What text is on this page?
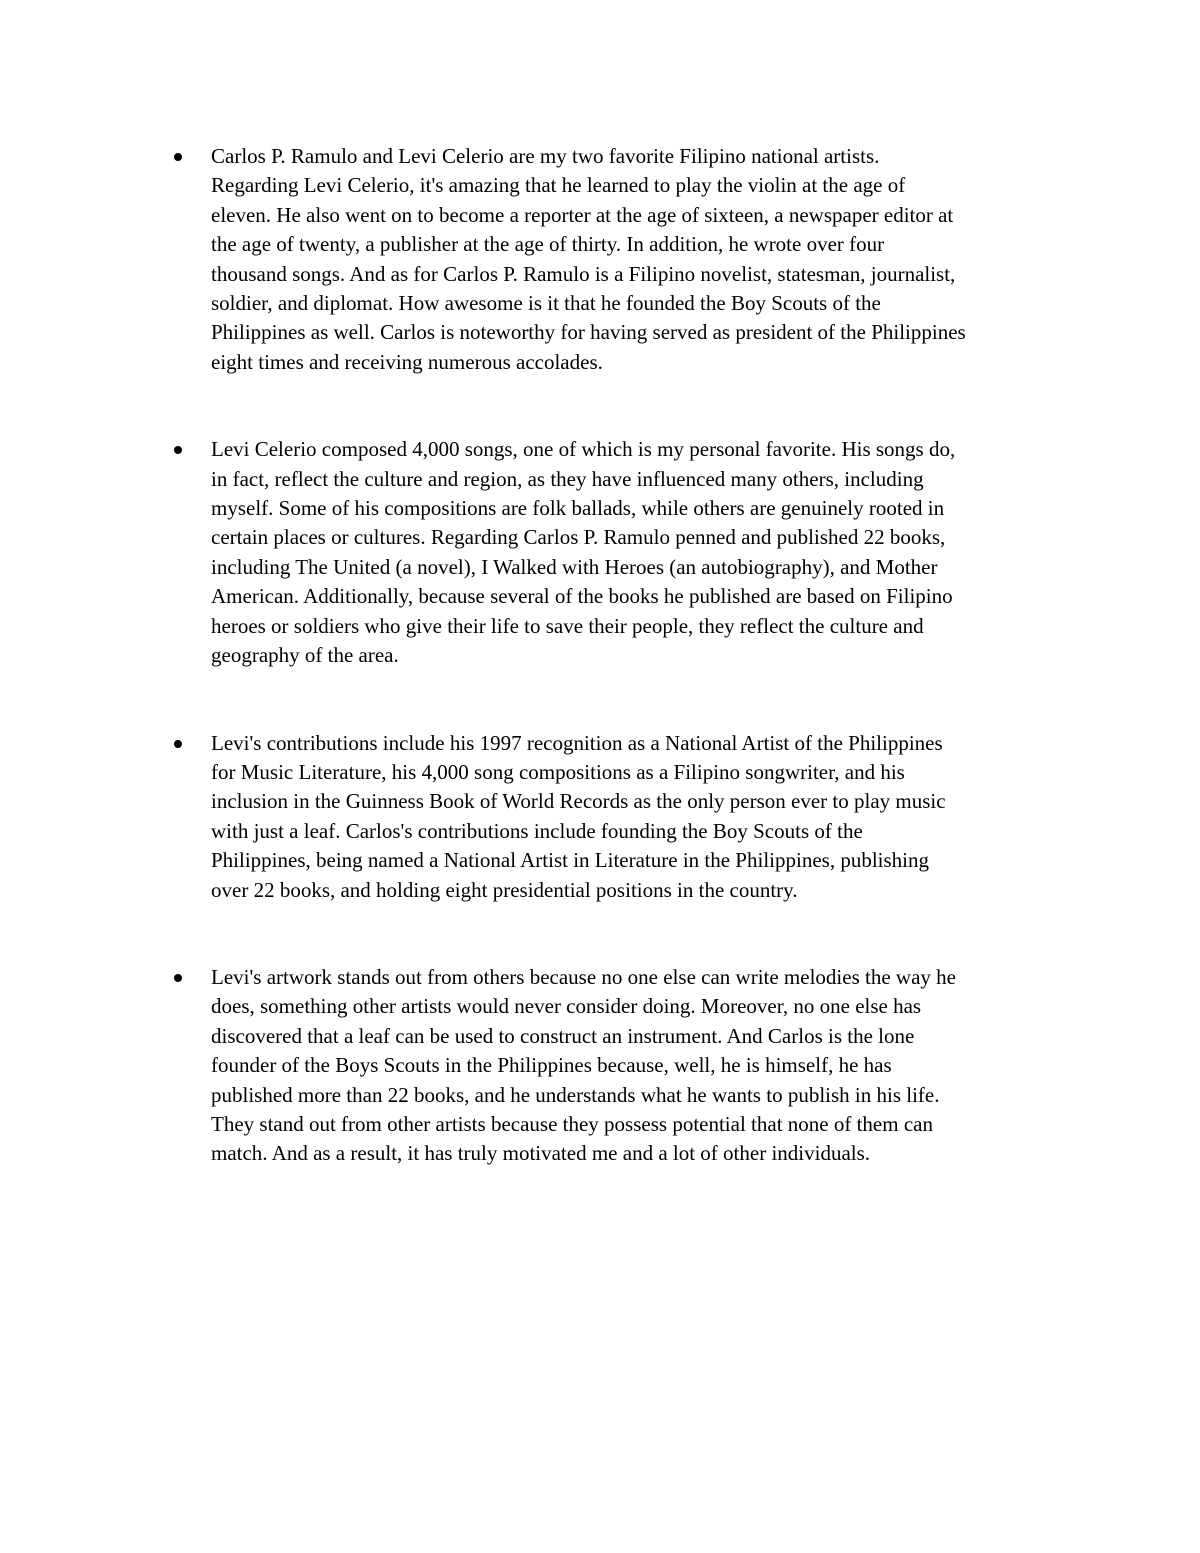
Carlos P. Ramulo and Levi Celerio are my two favorite Filipino national artists.
Regarding Levi Celerio, it's amazing that he learned to play the violin at the age of
eleven. He also went on to become a reporter at the age of sixteen, a newspaper editor at
the age of twenty, a publisher at the age of thirty. In addition, he wrote over four
thousand songs. And as for Carlos P. Ramulo is a Filipino novelist, statesman, journalist,
soldier, and diplomat. How awesome is it that he founded the Boy Scouts of the
Philippines as well. Carlos is noteworthy for having served as president of the Philippines
eight times and receiving numerous accolades.
Levi Celerio composed 4,000 songs, one of which is my personal favorite. His songs do,
in fact, reflect the culture and region, as they have influenced many others, including
myself. Some of his compositions are folk ballads, while others are genuinely rooted in
certain places or cultures. Regarding Carlos P. Ramulo penned and published 22 books,
including The United (a novel), I Walked with Heroes (an autobiography), and Mother
American. Additionally, because several of the books he published are based on Filipino
heroes or soldiers who give their life to save their people, they reflect the culture and
geography of the area.
Levi's contributions include his 1997 recognition as a National Artist of the Philippines
for Music Literature, his 4,000 song compositions as a Filipino songwriter, and his
inclusion in the Guinness Book of World Records as the only person ever to play music
with just a leaf. Carlos's contributions include founding the Boy Scouts of the
Philippines, being named a National Artist in Literature in the Philippines, publishing
over 22 books, and holding eight presidential positions in the country.
Levi's artwork stands out from others because no one else can write melodies the way he
does, something other artists would never consider doing. Moreover, no one else has
discovered that a leaf can be used to construct an instrument. And Carlos is the lone
founder of the Boys Scouts in the Philippines because, well, he is himself, he has
published more than 22 books, and he understands what he wants to publish in his life.
They stand out from other artists because they possess potential that none of them can
match. And as a result, it has truly motivated me and a lot of other individuals.
